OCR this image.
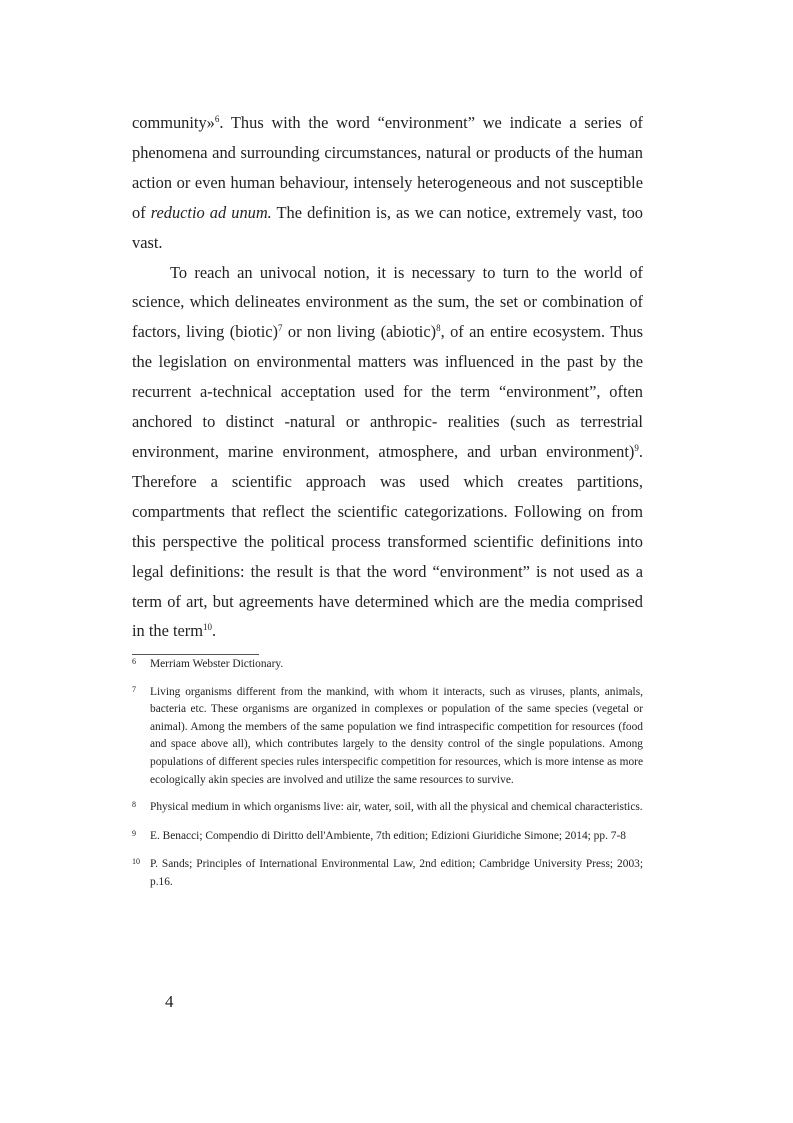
community»$^6$. Thus with the word “environment” we indicate a series of phenomena and surrounding circumstances, natural or products of the human action or even human behaviour, intensely heterogeneous and not susceptible of reductio ad unum. The definition is, as we can notice, extremely vast, too vast.

To reach an univocal notion, it is necessary to turn to the world of science, which delineates environment as the sum, the set or combination of factors, living (biotic)$^7$ or non living (abiotic)$^8$, of an entire ecosystem. Thus the legislation on environmental matters was influenced in the past by the recurrent a-technical acceptation used for the term “environment”, often anchored to distinct -natural or anthropic- realities (such as terrestrial environment, marine environment, atmosphere, and urban environment)$^9$. Therefore a scientific approach was used which creates partitions, compartments that reflect the scientific categorizations. Following on from this perspective the political process transformed scientific definitions into legal definitions: the result is that the word “environment” is not used as a term of art, but agreements have determined which are the media comprised in the term$^{10}$.

6 Merriam Webster Dictionary.
7 Living organisms different from the mankind, with whom it interacts, such as viruses, plants, animals, bacteria etc. These organisms are organized in complexes or population of the same species (vegetal or animal). Among the members of the same population we find intraspecific competition for resources (food and space above all), which contributes largely to the density control of the single populations. Among populations of different species rules interspecific competition for resources, which is more intense as more ecologically akin species are involved and utilize the same resources to survive.
8 Physical medium in which organisms live: air, water, soil, with all the physical and chemical characteristics.
9 E. Benacci; Compendio di Diritto dell'Ambiente, 7th edition; Edizioni Giuridiche Simone; 2014; pp. 7-8
10 P. Sands; Principles of International Environmental Law, 2nd edition; Cambridge University Press; 2003; p.16.
4
